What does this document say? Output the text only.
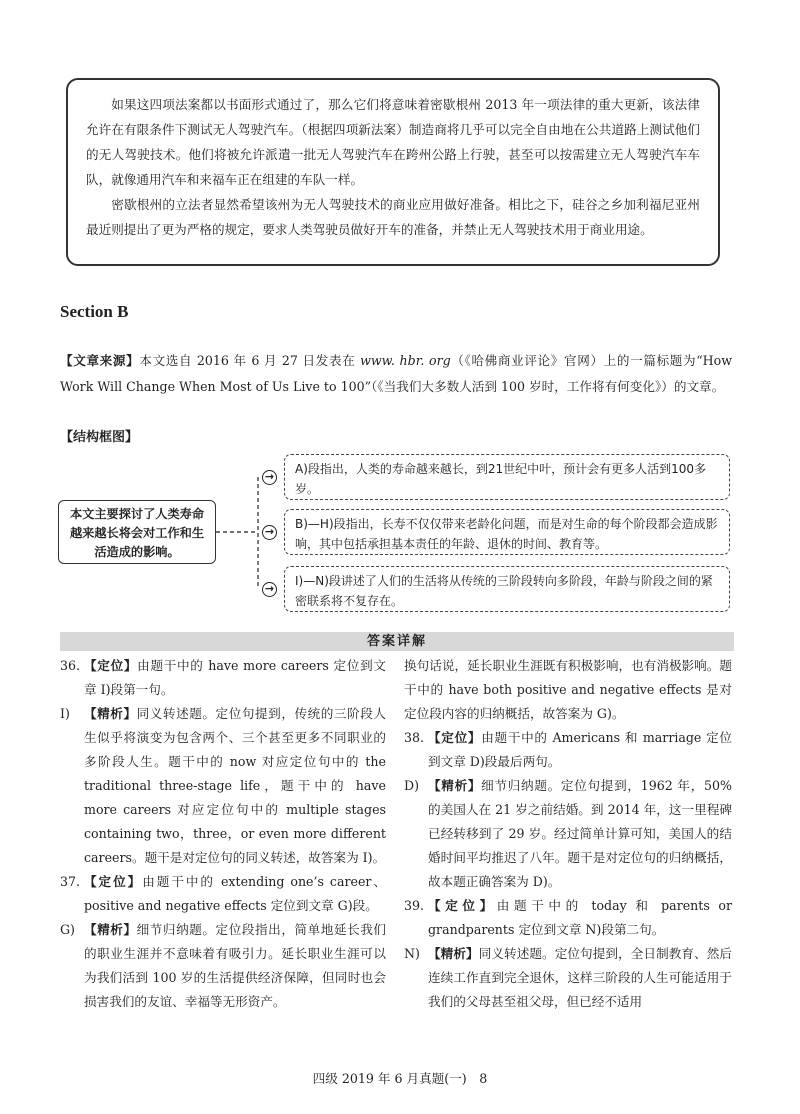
如果这四项法案都以书面形式通过了，那么它们将意味着密歇根州 2013 年一项法律的重大更新，该法律允许在有限条件下测试无人驾驶汽车。（根据四项新法案）制造商将几乎可以完全自由地在公共道路上测试他们的无人驾驶技术。他们将被允许派遣一批无人驾驶汽车在跨州公路上行驶，甚至可以按需建立无人驾驶汽车车队，就像通用汽车和来福车正在组建的车队一样。

密歇根州的立法者显然希望该州为无人驾驶技术的商业应用做好准备。相比之下，硅谷之乡加利福尼亚州最近则提出了更为严格的规定，要求人类驾驶员做好开车的准备，并禁止无人驾驶技术用于商业用途。

Section B
【文章来源】本文选自 2016 年 6 月 27 日发表在 www. hbr. org（《哈佛商业评论》官网）上的一篇标题为“How Work Will Change When Most of Us Live to 100”（《当我们大多数人活到 100 岁时，工作将有何变化》）的文章。
【结构框图】
本文主要探讨了人类寿命越来越长将会对工作和生活造成的影响。
→
→
→
A)段指出，人类的寿命越来越长，到21世纪中叶，预计会有更多人活到100多岁。
B)—H)段指出，长寿不仅仅带来老龄化问题，而是对生命的每个阶段都会造成影响，其中包括承担基本责任的年龄、退休的时间、教育等。
I)—N)段讲述了人们的生活将从传统的三阶段转向多阶段，年龄与阶段之间的紧密联系将不复存在。
答案详解
36. 【定位】由题干中的 have more careers 定位到文章 I)段第一句。
I) 【精析】同义转述题。定位句提到，传统的三阶段人生似乎将演变为包含两个、三个甚至更多不同职业的多阶段人生。题干中的 now 对应定位句中的 the traditional three-stage life，题干中的 have more careers 对应定位句中的 multiple stages containing two，three，or even more different careers。题干是对定位句的同义转述，故答案为 I)。
37. 【定位】由题干中的 extending one’s career、positive and negative effects 定位到文章 G)段。
G) 【精析】细节归纳题。定位段指出，简单地延长我们的职业生涯并不意味着有吸引力。延长职业生涯可以为我们活到 100 岁的生活提供经济保障，但同时也会损害我们的友谊、幸福等无形资产。
换句话说，延长职业生涯既有积极影响，也有消极影响。题干中的 have both positive and negative effects 是对定位段内容的归纳概括，故答案为 G)。
38. 【定位】由题干中的 Americans 和 marriage 定位到文章 D)段最后两句。
D) 【精析】细节归纳题。定位句提到，1962 年，50% 的美国人在 21 岁之前结婚。到 2014 年，这一里程碑已经转移到了 29 岁。经过简单计算可知，美国人的结婚时间平均推迟了八年。题干是对定位句的归纳概括，故本题正确答案为 D)。
39. 【定位】由题干中的 today 和 parents or grandparents 定位到文章 N)段第二句。
N) 【精析】同义转述题。定位句提到，全日制教育、然后连续工作直到完全退休，这样三阶段的人生可能适用于我们的父母甚至祖父母，但已经不适用
四级 2019 年 6 月真题(一)　8
